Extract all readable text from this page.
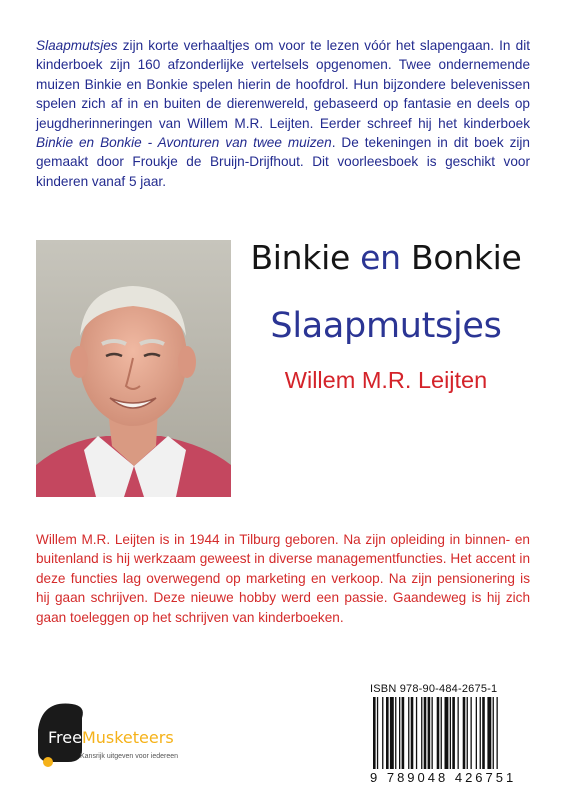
Slaapmutsjes zijn korte verhaaltjes om voor te lezen vóór het slapengaan. In dit kinderboek zijn 160 afzonderlijke vertelsels opgenomen. Twee ondernemende muizen Binkie en Bonkie spelen hierin de hoofdrol. Hun bijzondere belevenissen spelen zich af in en buiten de dierenwereld, gebaseerd op fantasie en deels op jeugdherinneringen van Willem M.R. Leijten. Eerder schreef hij het kinderboek Binkie en Bonkie - Avonturen van twee muizen. De tekeningen in dit boek zijn gemaakt door Froukje de Bruijn-Drijfhout. Dit voorleesboek is geschikt voor kinderen vanaf 5 jaar.

Binkie en Bonkie
Slaapmutsjes
Willem M.R. Leijten

Willem M.R. Leijten is in 1944 in Tilburg geboren. Na zijn opleiding in binnen- en buitenland is hij werkzaam geweest in diverse managementfuncties. Het accent in deze functies lag overwegend op marketing en verkoop. Na zijn pensionering is hij gaan schrijven. Deze nieuwe hobby werd een passie. Gaandeweg is hij zich gaan toeleggen op het schrijven van kinderboeken.

FreeMusketeers
Kansrijk uitgeven voor iedereen
ISBN 978-90-484-2675-1
9 789048 426751
